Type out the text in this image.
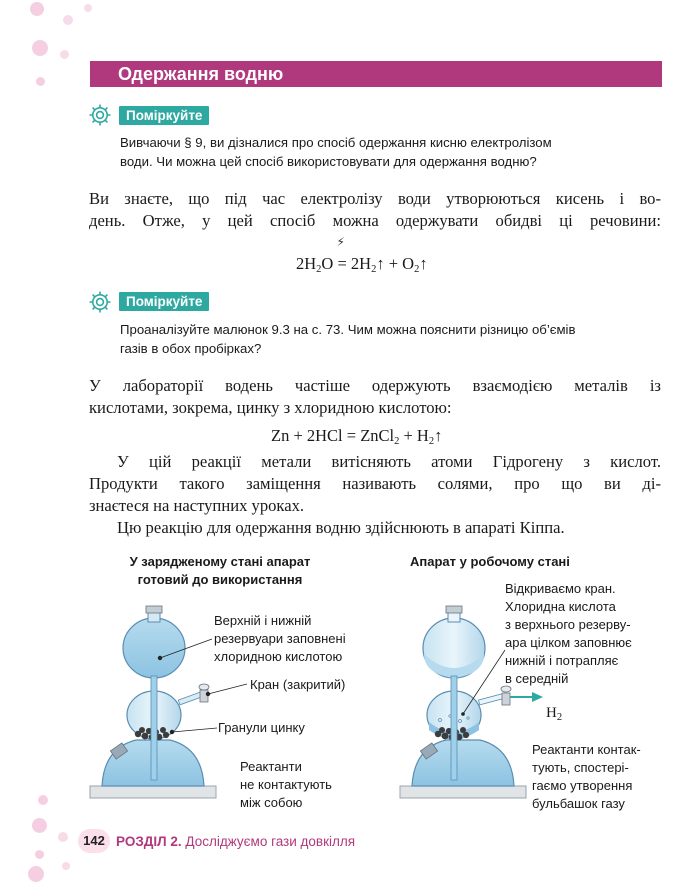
Одержання водню
Поміркуйте
Вивчаючи § 9, ви дізналися про спосіб одержання кисню електролізом
води. Чи можна цей спосіб використовувати для одержання водню?
Ви знаєте, що під час електролізу води утворюються кисень і во-
день. Отже, у цей спосіб можна одержувати обидві ці речовини:
$2H_2O$
⚡
= $2H_2↑$ + $O_2↑$
Поміркуйте
Проаналізуйте малюнок 9.3 на с. 73. Чим можна пояснити різницю об’ємів
газів в обох пробірках?
У лабораторії водень частіше одержують взаємодією металів із
кислотами, зокрема, цинку з хлоридною кислотою:
Zn + 2HCl = ZnCl$_2$ + $H_2↑$
У цій реакції метали витісняють атоми Гідрогену з кислот.
Продукти такого заміщення називають солями, про що ви ді-
знаєтеся на наступних уроках.
Цю реакцію для одержання водню здійснюють в апараті Кіппа.
У зарядженому стані апарат
готовий до використання
Апарат у робочому стані
Верхній і нижній
резервуари заповнені
хлоридною кислотою
Кран (закритий)
Гранули цинку
Реактанти
не контактують
між собою
Відкриваємо кран.
Хлоридна кислота
з верхнього резерву-
ара цілком заповнює
нижній і потрапляє
в середній
$H_2$
Реактанти контак-
тують, спостері-
гаємо утворення
бульбашок газу
142 РОЗДІЛ 2. Досліджуємо гази довкілля
